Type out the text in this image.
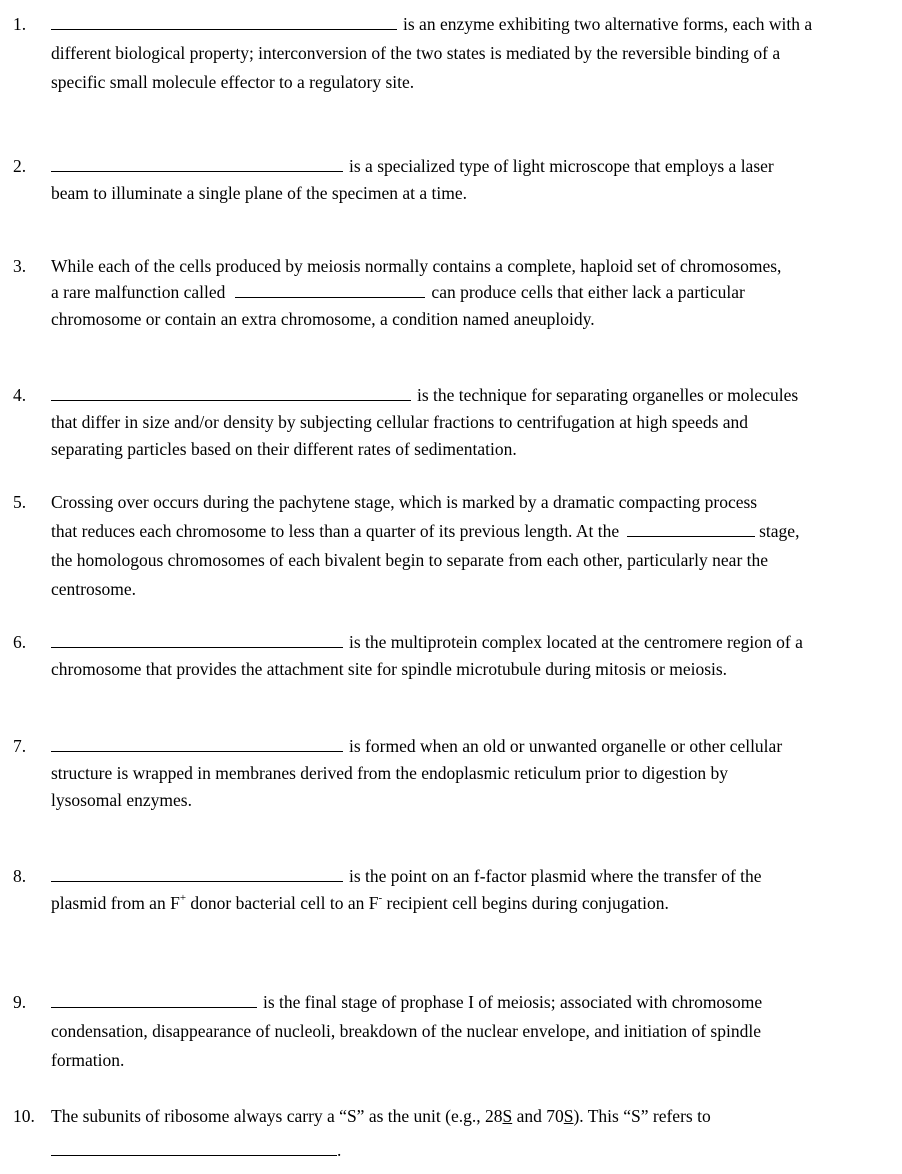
1.	is an enzyme exhibiting two alternative forms, each with a
different biological property; interconversion of the two states is mediated by the reversible binding of a
specific small molecule effector to a regulatory site.
2.	is a specialized type of light microscope that employs a laser
beam to illuminate a single plane of the specimen at a time.
3. While each of the cells produced by meiosis normally contains a complete, haploid set of chromosomes,
a rare malfunction called	can produce cells that either lack a particular
chromosome or contain an extra chromosome, a condition named aneuploidy.
4.	is the technique for separating organelles or molecules
that differ in size and/or density by subjecting cellular fractions to centrifugation at high speeds and
separating particles based on their different rates of sedimentation.
5. Crossing over occurs during the pachytene stage, which is marked by a dramatic compacting process
that reduces each chromosome to less than a quarter of its previous length. At the	stage,
the homologous chromosomes of each bivalent begin to separate from each other, particularly near the
centrosome.
6.	is the multiprotein complex located at the centromere region of a
chromosome that provides the attachment site for spindle microtubule during mitosis or meiosis.
7.	is formed when an old or unwanted organelle or other cellular
structure is wrapped in membranes derived from the endoplasmic reticulum prior to digestion by
lysosomal enzymes.
8.	is the point on an f-factor plasmid where the transfer of the
plasmid from an F+ donor bacterial cell to an F- recipient cell begins during conjugation.
9.	is the final stage of prophase I of meiosis; associated with chromosome
condensation, disappearance of nucleoli, breakdown of the nuclear envelope, and initiation of spindle
formation.
10. The subunits of ribosome always carry a “S” as the unit (e.g., 28S and 70S). This “S” refers to
.
